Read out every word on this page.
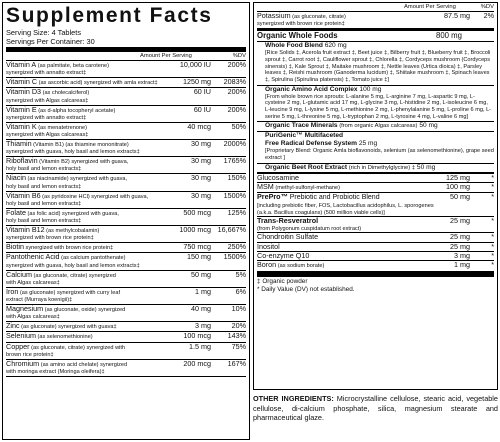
Supplement Facts
Serving Size: 4 Tablets
Servings Per Container: 30
Amount Per Serving	%DV
Vitamin A (as palmitate, beta carotene)
synergized with annatto extract‡
10,000 IU	200%
Vitamin C (as ascorbic acid) synergized with amla extract‡	1250 mg	2083%
Vitamin D3 (as cholecalciferol)
synergized with Algas calcareas‡
60 IU	200%
Vitamin E (as d-alpha tocopheryl acetate)
synergized with annatto extract‡
60 IU	200%
Vitamin K (as menatetrenone)
synergized with Algas calcareas‡
40 mcg	50%
Thiamin (Vitamin B1) (as thiamine mononitrate)
synergized with guava, holy basil and lemon extracts‡
30 mg	2000%
Riboflavin (Vitamin B2) synergized with guava,
holy basil and lemon extracts‡
30 mg	1765%
Niacin (as niacinamide) synergized with guava,
holy basil and lemon extracts‡
30 mg	150%
Vitamin B6 (as pyridoxine HCl) synergized with guava,
holy basil and lemon extracts‡
30 mg	1500%
Folate (as folic acid) synergized with guava,
holy basil and lemon extracts‡
500 mcg	125%
Vitamin B12 (as methylcobalamin)
synergized with brown rice protein‡
1000 mcg 16,667%
Biotin synergized with brown rice protein‡	750 mcg	250%
Pantothenic Acid (as calcium pantothenate)
synergized with guava, holy basil and lemon extracts‡
150 mg	1500%
Calcium (as gluconate, citrate) synergized
with Algas calcareas‡
50 mg	5%
Iron (as gluconate) synergized with curry leaf
extract (Murraya koenigii)‡
1 mg	6%
Magnesium (as gluconate, oxide) synergized
with Algas calcareas‡
40 mg	10%
Zinc (as gluconate) synergized with guava‡	3 mg	20%
Selenium (as selenomethionine)	100 mcg	143%
Copper (as gluconate, citrate) synergized with
brown rice protein‡
1.5 mg	75%
Chromium (as amino acid chelate) synergized
with moringa extract (Moringa oleifera)‡
200 mcg	167%
Amount Per Serving	%DV
Potassium (as gluconate, citrate)
synergized with brown rice protein‡
87.5 mg	2%
Organic Whole Foods	800 mg
Whole Food Blend 620 mg
[Rice Solids ‡, Acerola fruit extract ‡, Beet juice ‡, Bilberry fruit ‡, Blueberry fruit ‡, Broccoli sprout ‡, Carrot root ‡, Cauliflower sprout ‡, Chlorella ‡, Cordyceps mushroom (Cordyceps sinensis) ‡, Kale Sprout ‡, Maitake mushroom ‡, Nettle leaves (Urtica dioica) ‡, Parsley leaves ‡, Reishi mushroom (Ganoderma lucidum) ‡, Shiitake mushroom ‡, Spinach leaves ‡, Spirulina (Spirulina platensis) ‡, Tomato juice ‡]
Organic Amino Acid Complex 100 mg
[From whole brown rice sprouts: L-alanine 5 mg, L-arginine 7 mg, L-aspartic 9 mg, L-cysteine 2 mg, L-glutamic acid 17 mg, L-glycine 3 mg, L-histidine 2 mg, L-isoleucine 6 mg, L-leucine 9 mg, L-lysine 5 mg, L-methionine 2 mg, L-phenylalanine 5 mg, L-proline 6 mg, L-serine 5 mg, L-threonine 5 mg, L-tryptophan 2 mg, L-tyrosine 4 mg, L-valine 6 mg]
Organic Trace Minerals (from organic Algas calcareas) 50 mg
PuriGenic™ Multifaceted
Free Radical Defense System 25 mg
[Proprietary Blend: Organic Amla bioflavonoids, selenium (as selenomethionine), grape seed extract ]
Organic Beet Root Extract (rich in Dimethylglycine) ‡ 50 mg
Glucosamine	125 mg	*
MSM (methyl-sulfonyl-methane)	100 mg	*
PrePro™ Prebiotic and Probiotic Blend
[including prebiotic fiber, FOS, Lactobacillus acidophilus, L. sporogenes (a.k.a. Bacillus coagulans) (500 million viable cells)]
50 mg	*
Trans-Resveratrol
(from Polygonum cuspidatum root extract)
25 mg	*
Chondroitin Sulfate	25 mg	*
Inositol	25 mg	*
Co-enzyme Q10	3 mg	*
Boron (as sodium borate)	1 mg	*
‡ Organic powder
* Daily Value (DV) not established.
OTHER INGREDIENTS: Microcrystalline cellulose, stearic acid, vegetable cellulose, di-calcium phosphate, silica, magnesium stearate and pharmaceutical glaze.
